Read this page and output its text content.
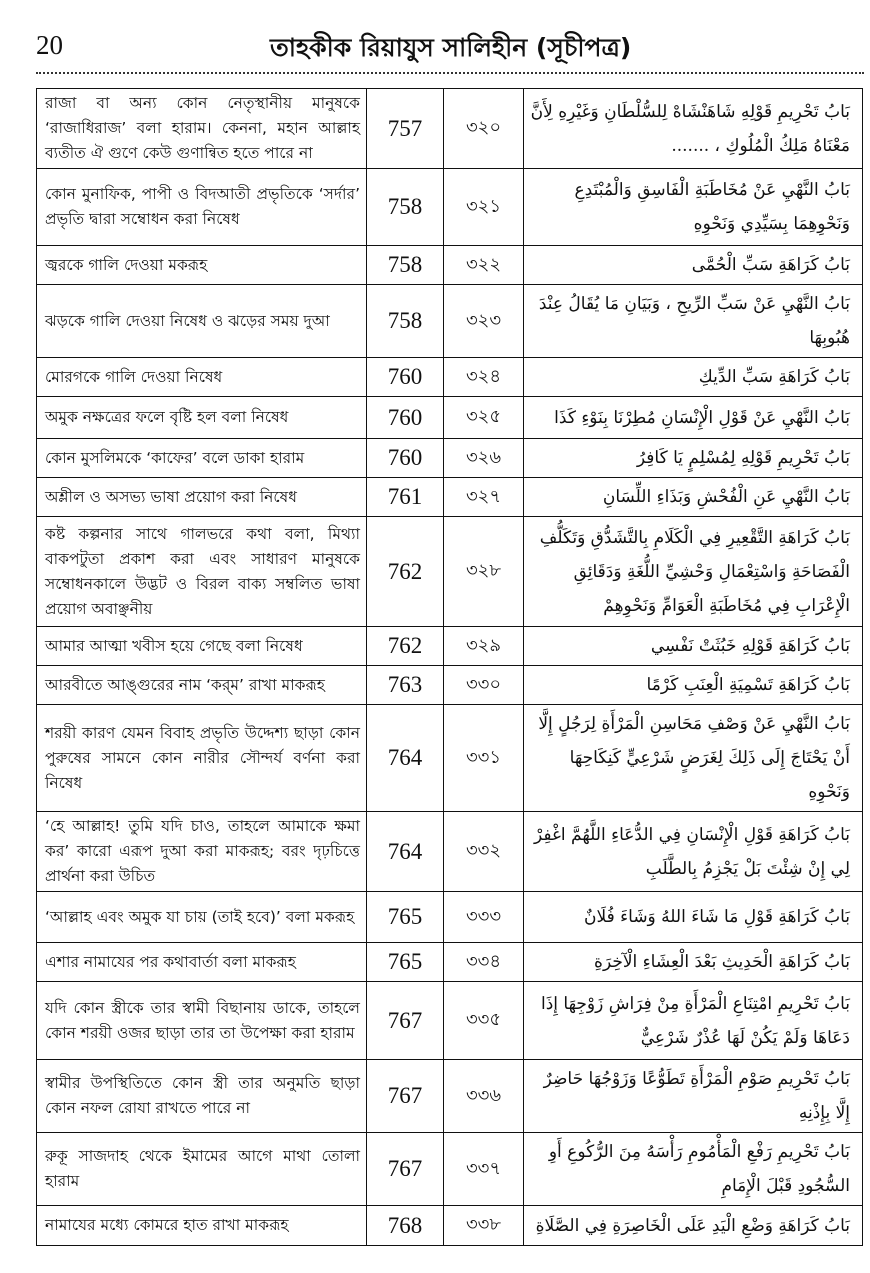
20	তাহকীক রিয়াযুস সালিহীন (সূচীপত্র)
রাজা বা অন্য কোন নেতৃস্থানীয় মানুষকে ‘রাজাধিরাজ’ বলা হারাম। কেননা, মহান আল্লাহ ব্যতীত ঐ গুণে কেউ গুণান্বিত হতে পারে না	757	৩২০	بَابُ تَحْرِيمِ قَوْلِهِ شَاهَنْشَاهْ لِلسُّلْطَانِ وَغَيْرِهِ لِأَنَّ مَعْنَاهُ مَلِكُ الْمُلُوكِ ، .......
কোন মুনাফিক, পাপী ও বিদআতী প্রভৃতিকে ‘সর্দার’ প্রভৃতি দ্বারা সম্বোধন করা নিষেধ	758	৩২১	بَابُ النَّهْيِ عَنْ مُخَاطَبَةِ الْفَاسِقِ وَالْمُبْتَدِعِ وَنَحْوِهِمَا بِسَيِّدِي وَنَحْوِهِ
জ্বরকে গালি দেওয়া মকরূহ	758	৩২২	بَابُ كَرَاهَةِ سَبِّ الْحُمَّى
ঝড়কে গালি দেওয়া নিষেধ ও ঝড়ের সময় দুআ	758	৩২৩	بَابُ النَّهْيِ عَنْ سَبِّ الرِّيحِ ، وَبَيَانِ مَا يُقَالُ عِنْدَ هُبُوبِهَا
মোরগকে গালি দেওয়া নিষেধ	760	৩২৪	بَابُ كَرَاهَةِ سَبِّ الدِّيكِ
অমুক নক্ষত্রের ফলে বৃষ্টি হল বলা নিষেধ	760	৩২৫	بَابُ النَّهْيِ عَنْ قَوْلِ الْإِنْسَانِ مُطِرْنَا بِنَوْءِ كَذَا
কোন মুসলিমকে ‘কাফের’ বলে ডাকা হারাম	760	৩২৬	بَابُ تَحْرِيمِ قَوْلِهِ لِمُسْلِمٍ يَا كَافِرُ
অশ্লীল ও অসভ্য ভাষা প্রয়োগ করা নিষেধ	761	৩২৭	بَابُ النَّهْيِ عَنِ الْفُحْشِ وَبَذَاءِ اللِّسَانِ
কষ্ট কল্পনার সাথে গালভরে কথা বলা, মিথ্যা বাকপটুতা প্রকাশ করা এবং সাধারণ মানুষকে সম্বোধনকালে উদ্ভট ও বিরল বাক্য সম্বলিত ভাষা প্রয়োগ অবাঞ্ছনীয়	762	৩২৮	بَابُ كَرَاهَةِ التَّقْعِيرِ فِي الْكَلَامِ بِالتَّشَدُّقِ وَتَكَلُّفِ الْفَصَاحَةِ وَاسْتِعْمَالِ وَحْشِيِّ اللُّغَةِ وَدَقَائِقِ الْإِعْرَابِ فِي مُخَاطَبَةِ الْعَوَامِّ وَنَحْوِهِمْ
আমার আত্মা খবীস হয়ে গেছে বলা নিষেধ	762	৩২৯	بَابُ كَرَاهَةِ قَوْلِهِ خَبُثَتْ نَفْسِي
আরবীতে আঙ্গুরের নাম ‘কর্‌ম’ রাখা মাকরূহ	763	৩৩০	بَابُ كَرَاهَةِ تَسْمِيَةِ الْعِنَبِ كَرْمًا
শরয়ী কারণ যেমন বিবাহ প্রভৃতি উদ্দেশ্য ছাড়া কোন পুরুষের সামনে কোন নারীর সৌন্দর্য বর্ণনা করা নিষেধ	764	৩৩১	بَابُ النَّهْيِ عَنْ وَصْفِ مَحَاسِنِ الْمَرْأَةِ لِرَجُلٍ إِلَّا أَنْ يَحْتَاجَ إِلَى ذَلِكَ لِغَرَضٍ شَرْعِيٍّ كَنِكَاحِهَا وَنَحْوِهِ
‘হে আল্লাহ! তুমি যদি চাও, তাহলে আমাকে ক্ষমা কর’ কারো এরূপ দুআ করা মাকরূহ; বরং দৃঢ়চিত্তে প্রার্থনা করা উচিত	764	৩৩২	بَابُ كَرَاهَةِ قَوْلِ الْإِنْسَانِ فِي الدُّعَاءِ اللَّهُمَّ اغْفِرْ لِي إِنْ شِئْتَ بَلْ يَجْزِمُ بِالطَّلَبِ
‘আল্লাহ এবং অমুক যা চায় (তাই হবে)’ বলা মকরূহ	765	৩৩৩	بَابُ كَرَاهَةِ قَوْلِ مَا شَاءَ اللهُ وَشَاءَ فُلَانٌ
এশার নামাযের পর কথাবার্তা বলা মাকরূহ	765	৩৩৪	بَابُ كَرَاهَةِ الْحَدِيثِ بَعْدَ الْعِشَاءِ الْآخِرَةِ
যদি কোন স্ত্রীকে তার স্বামী বিছানায় ডাকে, তাহলে কোন শরয়ী ওজর ছাড়া তার তা উপেক্ষা করা হারাম	767	৩৩৫	بَابُ تَحْرِيمِ امْتِنَاعِ الْمَرْأَةِ مِنْ فِرَاشِ زَوْجِهَا إِذَا دَعَاهَا وَلَمْ يَكُنْ لَهَا عُذْرٌ شَرْعِيٌّ
স্বামীর উপস্থিতিতে কোন স্ত্রী তার অনুমতি ছাড়া কোন নফল রোযা রাখতে পারে না	767	৩৩৬	بَابُ تَحْرِيمِ صَوْمِ الْمَرْأَةِ تَطَوُّعًا وَزَوْجُهَا حَاضِرٌ إِلَّا بِإِذْنِهِ
রুকূ সাজদাহ থেকে ইমামের আগে মাথা তোলা হারাম	767	৩৩৭	بَابُ تَحْرِيمِ رَفْعِ الْمَأْمُومِ رَأْسَهُ مِنَ الرُّكُوعِ أَوِ السُّجُودِ قَبْلَ الْإِمَامِ
নামাযের মধ্যে কোমরে হাত রাখা মাকরূহ	768	৩৩৮	بَابُ كَرَاهَةِ وَضْعِ الْيَدِ عَلَى الْخَاصِرَةِ فِي الصَّلَاةِ
